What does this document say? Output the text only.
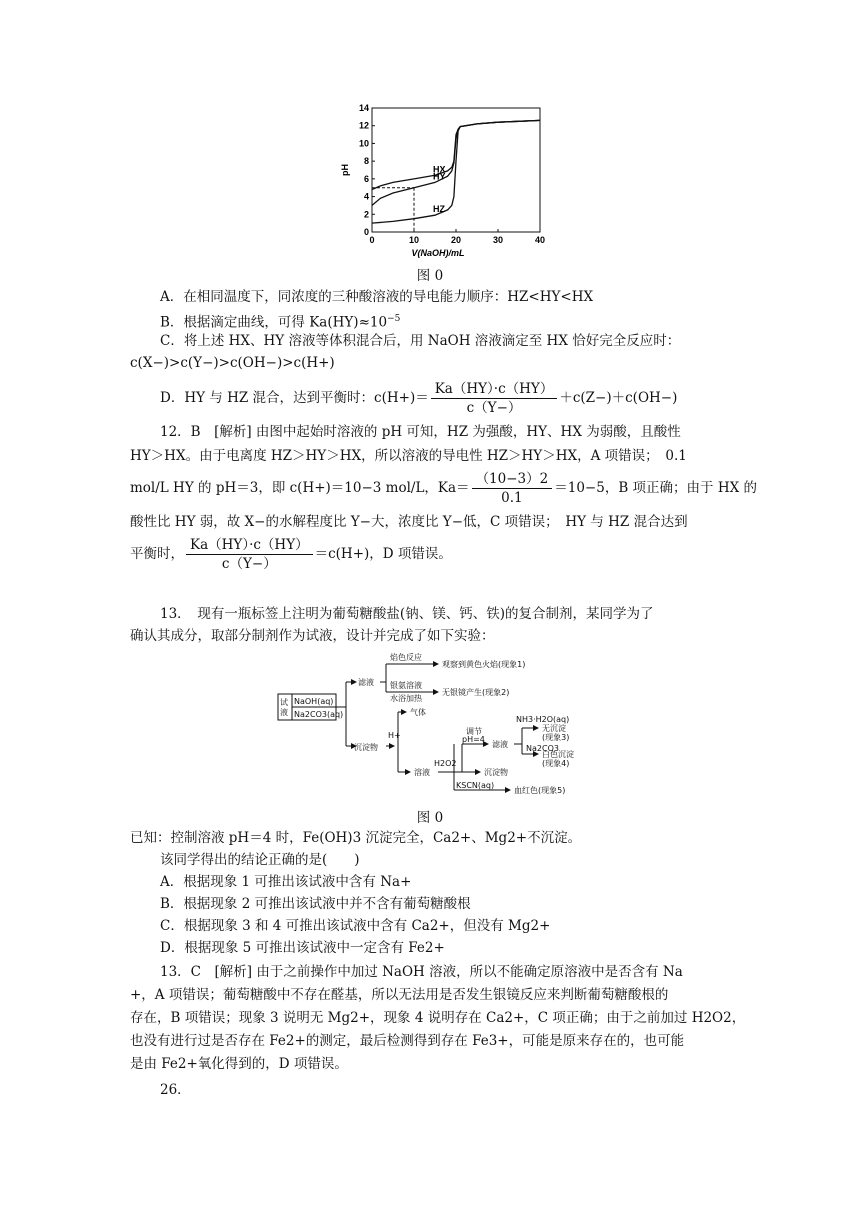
0	10	20	30	40
0
2
4
6
8
10
12
14
V(NaOH)/mL
pH	HX
HY
HZ
图 0
A．在相同温度下，同浓度的三种酸溶液的导电能力顺序：HZ<HY<HX
B．根据滴定曲线，可得 $Ka(HY)\approx 10^{-5}$
C．将上述 HX、HY 溶液等体积混合后，用 NaOH 溶液滴定至 HX 恰好完全反应时：
c(X−)>c(Y−)>c(OH−)>c(H+)
D．HY 与 HZ 混合，达到平衡时：$c(H+)= \frac{Ka(HY)\cdot c(HY)}{c(Y-)} +c(Z-)+c(OH-)$
12．B　[解析] 由图中起始时溶液的 pH 可知，HZ 为强酸，HY、HX 为弱酸，且酸性
HY＞HX。由于电离度 HZ＞HY＞HX，所以溶液的导电性 HZ＞HY＞HX，A 项错误；　0.1
mol/L HY 的 pH＝3，即 c(H+)＝10−3 mol/L，$Ka= \frac{(10-3)2}{0.1} =10-5$，B 项正确；由于 HX 的
酸性比 HY 弱，故 X−的水解程度比 Y−大，浓度比 Y−低，C 项错误；　HY 与 HZ 混合达到
平衡时， $\frac{Ka(HY)\cdot c(HY)}{c(Y-)} =c(H+)$，D 项错误。
13．　现有一瓶标签上注明为葡萄糖酸盐(钠、镁、钙、铁)的复合制剂，某同学为了
确认其成分，取部分制剂作为试液，设计并完成了如下实验：
试液
NaOH(aq)
Na2CO3(aq)
滤液
焰色反应
观察到黄色火焰(现象1)
银氨溶液
水浴加热
无银镜产生(现象2)
沉淀物
H+
气体
溶液
H2O2
调节
pH=4
滤液
NH3·H2O(aq)
无沉淀
(现象3)
Na2CO3
白色沉淀
(现象4)
沉淀物
KSCN(aq)
血红色(现象5)
图 0
已知：控制溶液 pH＝4 时，Fe(OH)3 沉淀完全，Ca2+、Mg2+不沉淀。
该同学得出的结论正确的是(　　)
A．根据现象 1 可推出该试液中含有 Na+
B．根据现象 2 可推出该试液中并不含有葡萄糖酸根
C．根据现象 3 和 4 可推出该试液中含有 Ca2+，但没有 Mg2+
D．根据现象 5 可推出该试液中一定含有 Fe2+
13．C　[解析] 由于之前操作中加过 NaOH 溶液，所以不能确定原溶液中是否含有 Na
+，A 项错误；葡萄糖酸中不存在醛基，所以无法用是否发生银镜反应来判断葡萄糖酸根的
存在，B 项错误；现象 3 说明无 Mg2+，现象 4 说明存在 Ca2+，C 项正确；由于之前加过 H2O2，
也没有进行过是否存在 Fe2+的测定，最后检测得到存在 Fe3+，可能是原来存在的，也可能
是由 Fe2+氧化得到的，D 项错误。
26．
